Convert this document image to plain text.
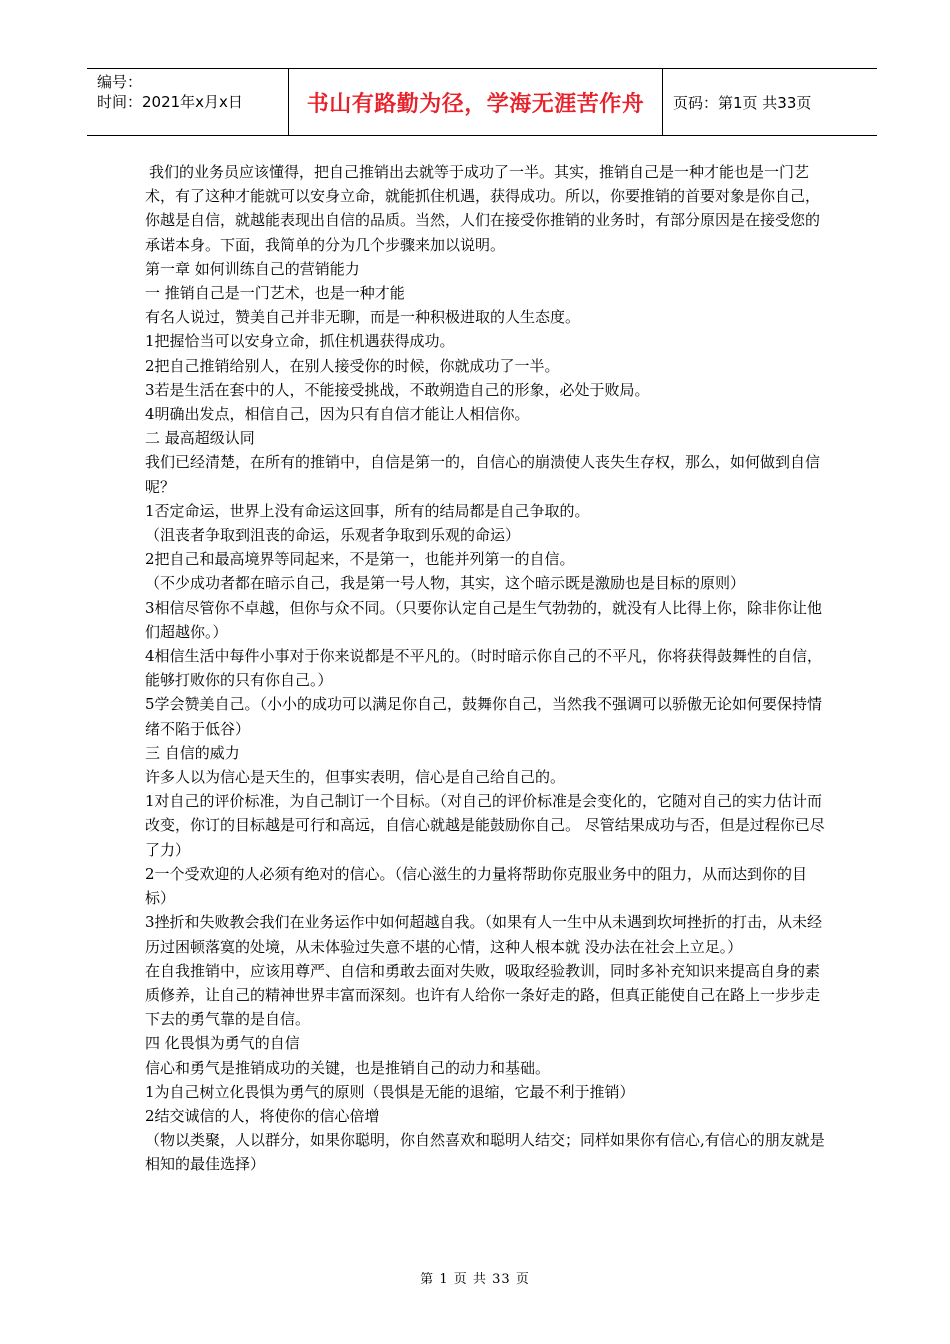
编号：
时间：2021年x月x日	书山有路勤为径，学海无涯苦作舟	页码：第1页 共33页

我们的业务员应该懂得，把自己推销出去就等于成功了一半。其实，推销自己是一种才能也是一门艺术，有了这种才能就可以安身立命，就能抓住机遇，获得成功。所以，你要推销的首要对象是你自己，你越是自信，就越能表现出自信的品质。当然，人们在接受你推销的业务时，有部分原因是在接受您的承诺本身。下面，我简单的分为几个步骤来加以说明。

第一章 如何训练自己的营销能力

一 推销自己是一门艺术，也是一种才能

有名人说过，赞美自己并非无聊，而是一种积极进取的人生态度。

1把握恰当可以安身立命，抓住机遇获得成功。

2把自己推销给别人，在别人接受你的时候，你就成功了一半。

3若是生活在套中的人，不能接受挑战，不敢朔造自己的形象，必处于败局。

4明确出发点，相信自己，因为只有自信才能让人相信你。

二 最高超级认同

我们已经清楚，在所有的推销中，自信是第一的，自信心的崩溃使人丧失生存权，那么，如何做到自信呢？

1否定命运，世界上没有命运这回事，所有的结局都是自己争取的。

（沮丧者争取到沮丧的命运，乐观者争取到乐观的命运）

2把自己和最高境界等同起来，不是第一，也能并列第一的自信。

（不少成功者都在暗示自己，我是第一号人物，其实，这个暗示既是激励也是目标的原则）

3相信尽管你不卓越，但你与众不同。（只要你认定自己是生气勃勃的，就没有人比得上你，除非你让他们超越你。）

4相信生活中每件小事对于你来说都是不平凡的。（时时暗示你自己的不平凡，你将获得鼓舞性的自信，能够打败你的只有你自己。）

5学会赞美自己。（小小的成功可以满足你自己，鼓舞你自己，当然我不强调可以骄傲无论如何要保持情绪不陷于低谷）

三 自信的威力

许多人以为信心是天生的，但事实表明，信心是自己给自己的。

1对自己的评价标准，为自己制订一个目标。（对自己的评价标准是会变化的，它随对自己的实力估计而改变，你订的目标越是可行和高远，自信心就越是能鼓励你自己。 尽管结果成功与否，但是过程你已尽了力）

2一个受欢迎的人必须有绝对的信心。（信心滋生的力量将帮助你克服业务中的阻力，从而达到你的目标）

3挫折和失败教会我们在业务运作中如何超越自我。（如果有人一生中从未遇到坎坷挫折的打击，从未经历过困顿落寞的处境，从未体验过失意不堪的心情，这种人根本就 没办法在社会上立足。）

在自我推销中，应该用尊严、自信和勇敢去面对失败，吸取经验教训，同时多补充知识来提高自身的素质修养，让自己的精神世界丰富而深刻。也许有人给你一条好走的路，但真正能使自己在路上一步步走下去的勇气靠的是自信。

四 化畏惧为勇气的自信

信心和勇气是推销成功的关键，也是推销自己的动力和基础。

1为自己树立化畏惧为勇气的原则（畏惧是无能的退缩，它最不利于推销）

2结交诚信的人，将使你的信心倍增

（物以类聚，人以群分，如果你聪明，你自然喜欢和聪明人结交；同样如果你有信心,有信心的朋友就是相知的最佳选择）

第 1 页 共 33 页
